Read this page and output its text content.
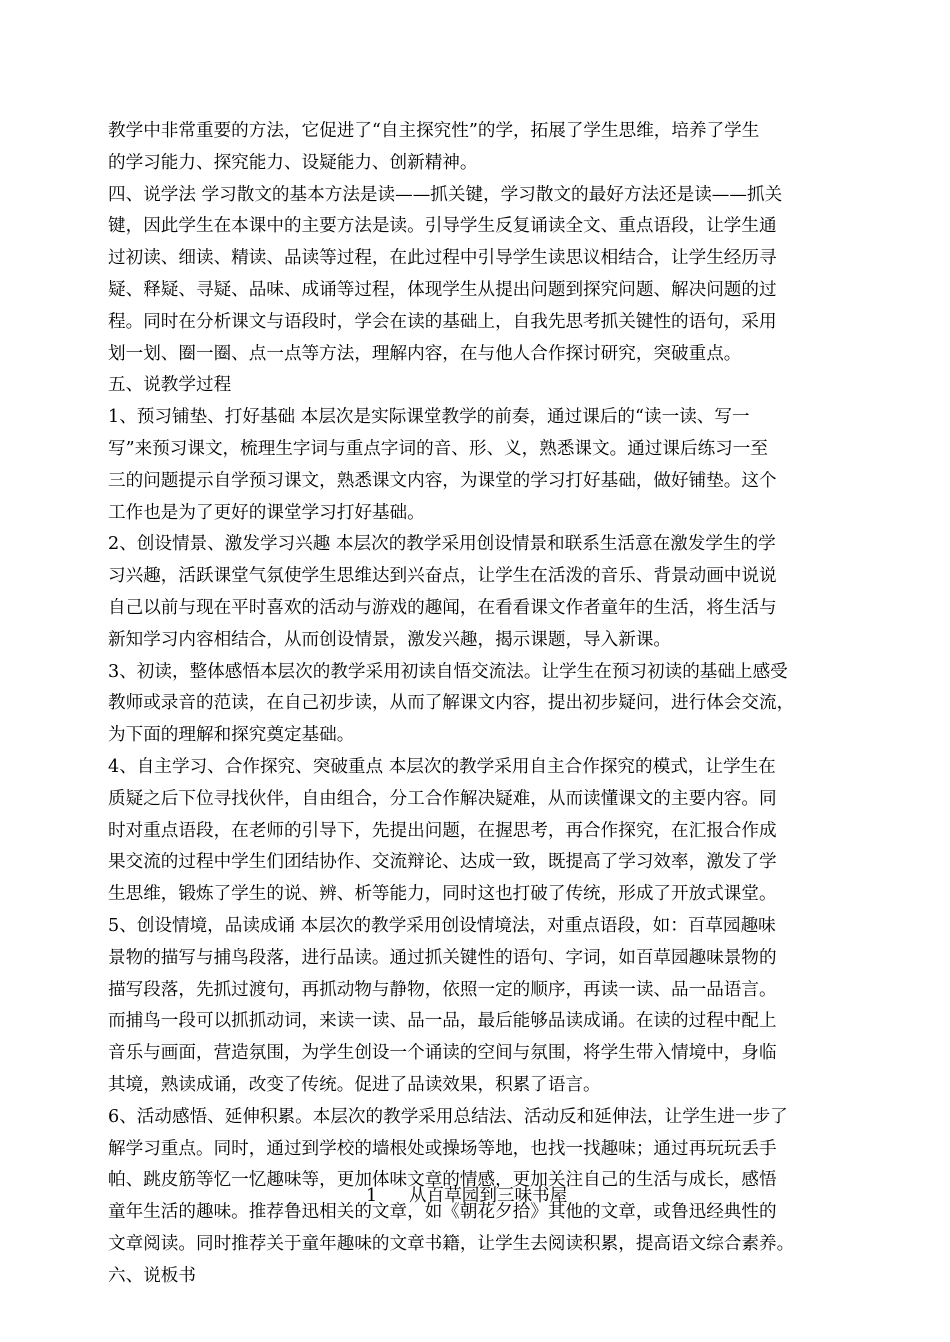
教学中非常重要的方法，它促进了“自主探究性”的学，拓展了学生思维，培养了学生
的学习能力、探究能力、设疑能力、创新精神。
四、说学法 学习散文的基本方法是读——抓关键，学习散文的最好方法还是读——抓关
键，因此学生在本课中的主要方法是读。引导学生反复诵读全文、重点语段，让学生通
过初读、细读、精读、品读等过程，在此过程中引导学生读思议相结合，让学生经历寻
疑、释疑、寻疑、品味、成诵等过程，体现学生从提出问题到探究问题、解决问题的过
程。同时在分析课文与语段时，学会在读的基础上，自我先思考抓关键性的语句，采用
划一划、圈一圈、点一点等方法，理解内容，在与他人合作探讨研究，突破重点。
五、说教学过程
1、预习铺垫、打好基础 本层次是实际课堂教学的前奏，通过课后的“读一读、写一
写”来预习课文，梳理生字词与重点字词的音、形、义，熟悉课文。通过课后练习一至
三的问题提示自学预习课文，熟悉课文内容，为课堂的学习打好基础，做好铺垫。这个
工作也是为了更好的课堂学习打好基础。
2、创设情景、激发学习兴趣 本层次的教学采用创设情景和联系生活意在激发学生的学
习兴趣，活跃课堂气氛使学生思维达到兴奋点，让学生在活泼的音乐、背景动画中说说
自己以前与现在平时喜欢的活动与游戏的趣闻，在看看课文作者童年的生活，将生活与
新知学习内容相结合，从而创设情景，激发兴趣，揭示课题，导入新课。
3、初读，整体感悟本层次的教学采用初读自悟交流法。让学生在预习初读的基础上感受
教师或录音的范读，在自己初步读，从而了解课文内容，提出初步疑问，进行体会交流，
为下面的理解和探究奠定基础。
4、自主学习、合作探究、突破重点 本层次的教学采用自主合作探究的模式，让学生在
质疑之后下位寻找伙伴，自由组合，分工合作解决疑难，从而读懂课文的主要内容。同
时对重点语段，在老师的引导下，先提出问题，在握思考，再合作探究，在汇报合作成
果交流的过程中学生们团结协作、交流辩论、达成一致，既提高了学习效率，激发了学
生思维，锻炼了学生的说、辨、析等能力，同时这也打破了传统，形成了开放式课堂。
5、创设情境，品读成诵 本层次的教学采用创设情境法，对重点语段，如：百草园趣味
景物的描写与捕鸟段落，进行品读。通过抓关键性的语句、字词，如百草园趣味景物的
描写段落，先抓过渡句，再抓动物与静物，依照一定的顺序，再读一读、品一品语言。
而捕鸟一段可以抓抓动词，来读一读、品一品，最后能够品读成诵。在读的过程中配上
音乐与画面，营造氛围，为学生创设一个诵读的空间与氛围，将学生带入情境中，身临
其境，熟读成诵，改变了传统。促进了品读效果，积累了语言。
6、活动感悟、延伸积累。本层次的教学采用总结法、活动反和延伸法，让学生进一步了
解学习重点。同时，通过到学校的墙根处或操场等地，也找一找趣味；通过再玩玩丢手
帕、跳皮筋等忆一忆趣味等，更加体味文章的情感，更加关注自己的生活与成长，感悟
童年生活的趣味。推荐鲁迅相关的文章，如《朝花夕拾》其他的文章，或鲁迅经典性的
文章阅读。同时推荐关于童年趣味的文章书籍，让学生去阅读积累，提高语文综合素养。
六、说板书
1 从百草园到三味书屋
